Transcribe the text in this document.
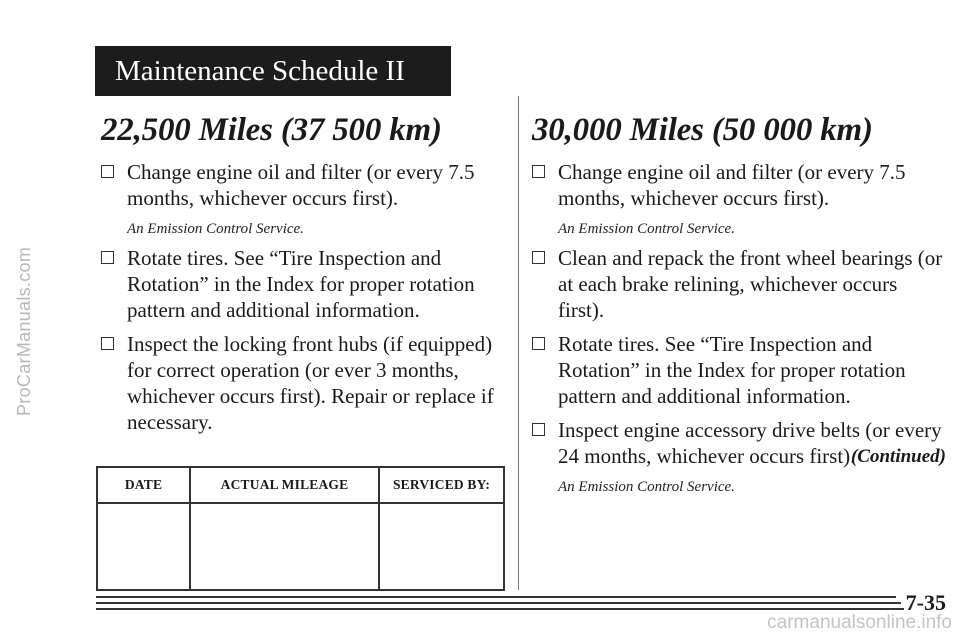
ProCarManuals.com
Maintenance Schedule II
22,500 Miles (37 500 km)
Change engine oil and filter (or every 7.5 months, whichever occurs first).
An Emission Control Service.
Rotate tires. See “Tire Inspection and Rotation” in the Index for proper rotation pattern and additional information.
Inspect the locking front hubs (if equipped) for correct operation (or ever 3 months, whichever occurs first). Repair or replace if necessary.
DATE	ACTUAL MILEAGE	SERVICED BY:
30,000 Miles (50 000 km)
Change engine oil and filter (or every 7.5 months, whichever occurs first).
An Emission Control Service.
Clean and repack the front wheel bearings (or at each brake relining, whichever occurs first).
Rotate tires. See “Tire Inspection and Rotation” in the Index for proper rotation pattern and additional information.
Inspect engine accessory drive belts (or every 24 months, whichever occurs first).
An Emission Control Service.
(Continued)
7-35
carmanualsonline.info
